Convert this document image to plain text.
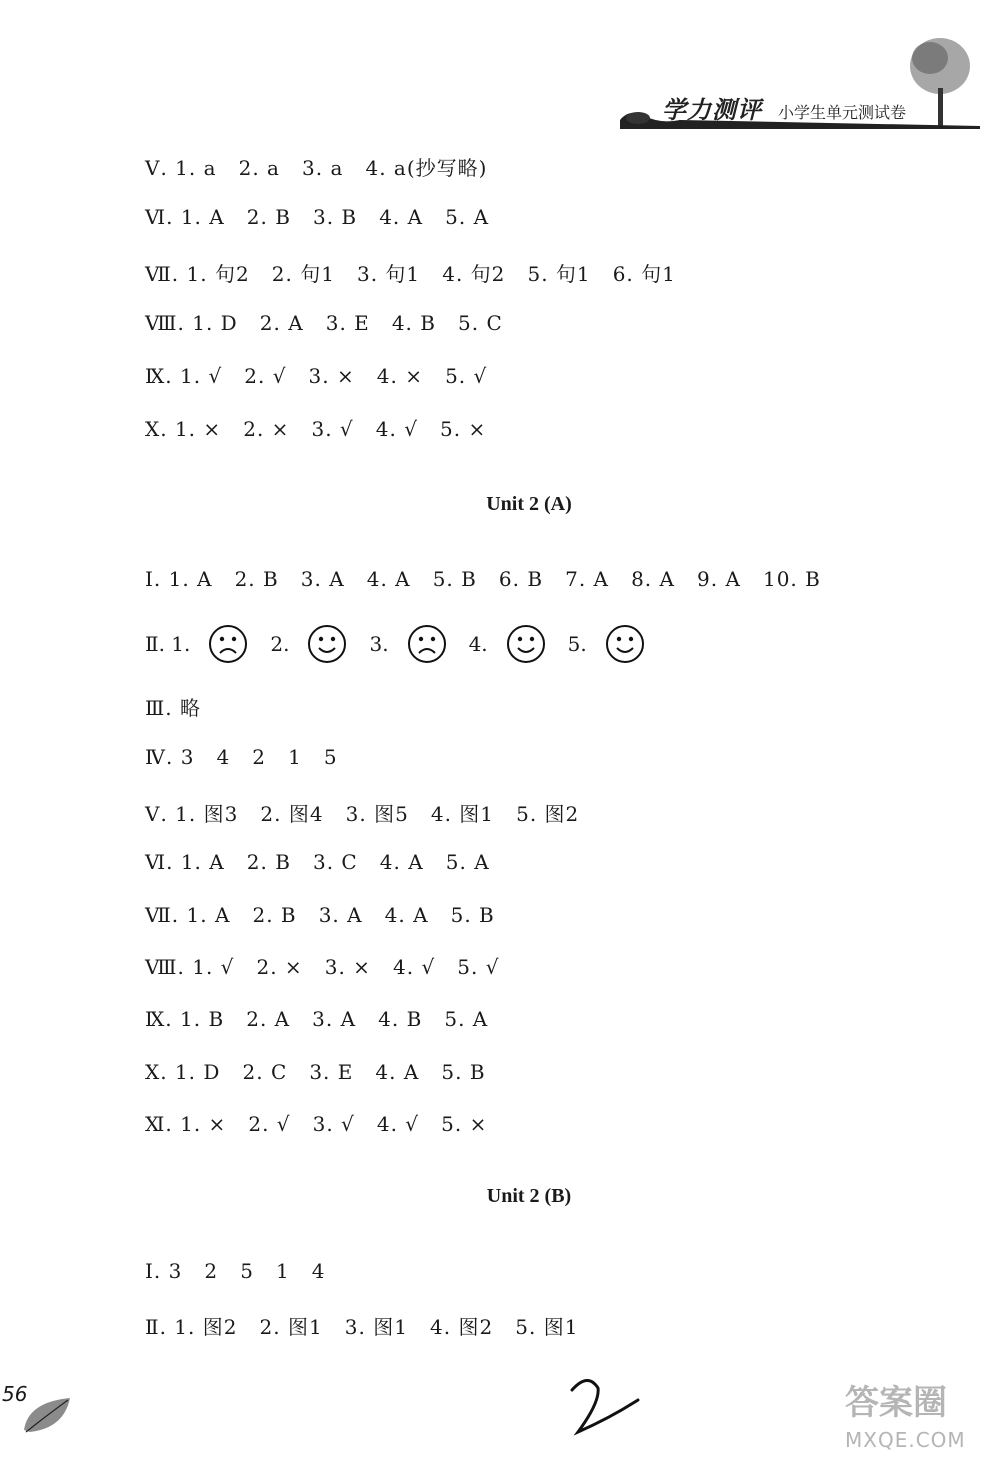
学力测评 小学生单元测试卷
Ⅴ. 1. a   2. a   3. a   4. a(抄写略)
Ⅵ. 1. A   2. B   3. B   4. A   5. A
Ⅶ. 1. 句2   2. 句1   3. 句1   4. 句2   5. 句1   6. 句1
Ⅷ. 1. D   2. A   3. E   4. B   5. C
Ⅸ. 1. √   2. √   3. ×   4. ×   5. √
Ⅹ. 1. ×   2. ×   3. √   4. √   5. ×
Unit 2 (A)
Ⅰ. 1. A   2. B   3. A   4. A   5. B   6. B   7. A   8. A   9. A   10. B
Ⅱ. 1.	2.	3.	4.	5.
Ⅲ. 略
Ⅳ. 3   4   2   1   5
Ⅴ. 1. 图3   2. 图4   3. 图5   4. 图1   5. 图2
Ⅵ. 1. A   2. B   3. C   4. A   5. A
Ⅶ. 1. A   2. B   3. A   4. A   5. B
Ⅷ. 1. √   2. ×   3. ×   4. √   5. √
Ⅸ. 1. B   2. A   3. A   4. B   5. A
Ⅹ. 1. D   2. C   3. E   4. A   5. B
Ⅺ. 1. ×   2. √   3. √   4. √   5. ×
Unit 2 (B)
Ⅰ. 3   2   5   1   4
Ⅱ. 1. 图2   2. 图1   3. 图1   4. 图2   5. 图1
56	答案圈
MXQE.COM
